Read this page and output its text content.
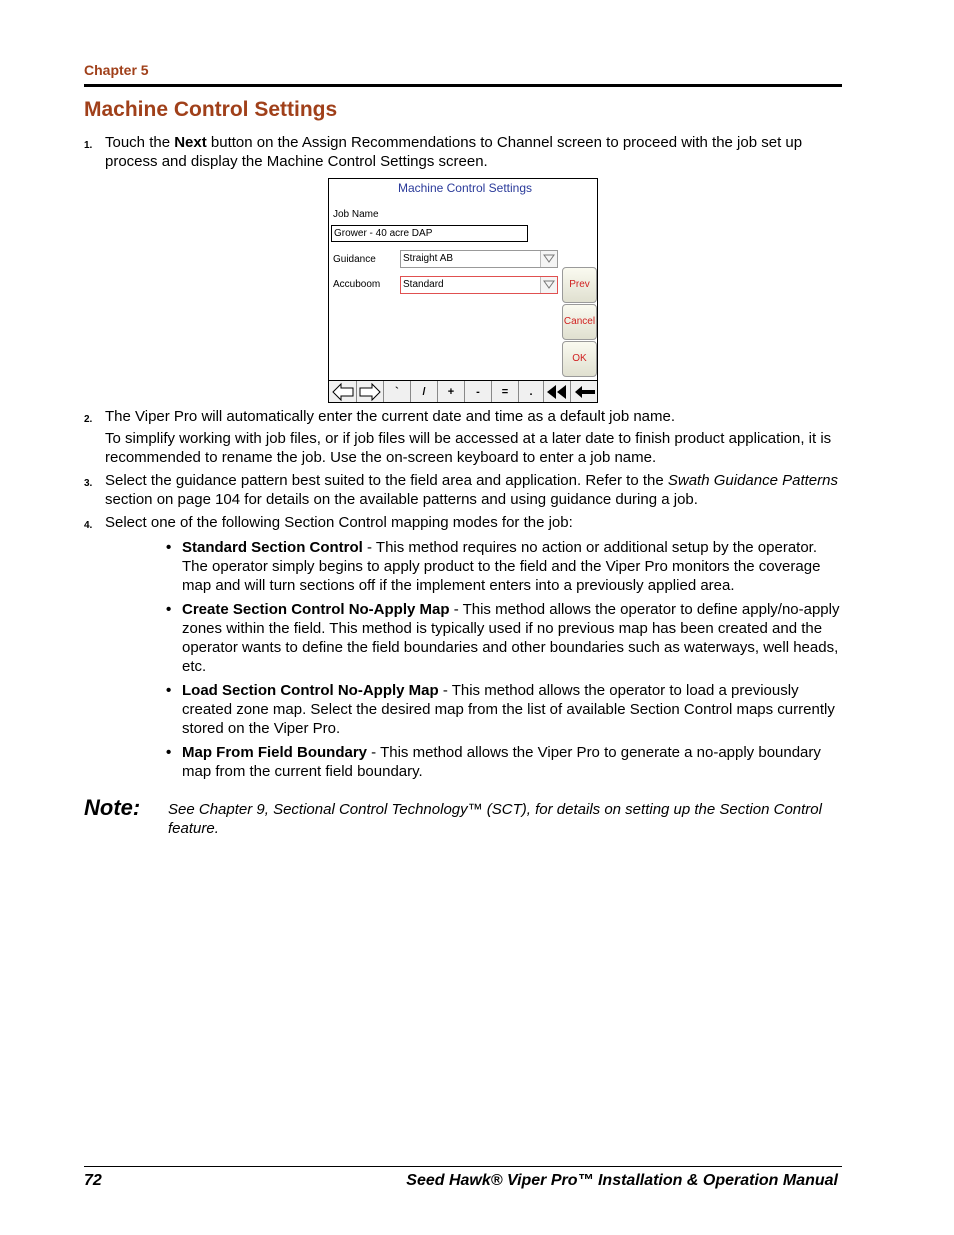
Chapter 5
Machine Control Settings
1. Touch the Next button on the Assign Recommendations to Channel screen to proceed with the job set up process and display the Machine Control Settings screen.
Machine Control Settings
Job Name
Grower - 40 acre DAP
Guidance	Straight AB
Accuboom	Standard	Prev
Cancel
OK
`	/	+	-	=	.
2. The Viper Pro will automatically enter the current date and time as a default job name.
To simplify working with job files, or if job files will be accessed at a later date to finish product application, it is recommended to rename the job. Use the on-screen keyboard to enter a job name.
3. Select the guidance pattern best suited to the field area and application. Refer to the Swath Guidance Patterns section on page 104 for details on the available patterns and using guidance during a job.
4. Select one of the following Section Control mapping modes for the job:
• Standard Section Control - This method requires no action or additional setup by the operator. The operator simply begins to apply product to the field and the Viper Pro monitors the coverage map and will turn sections off if the implement enters into a previously applied area.
• Create Section Control No-Apply Map - This method allows the operator to define apply/no-apply zones within the field. This method is typically used if no previous map has been created and the operator wants to define the field boundaries and other boundaries such as waterways, well heads, etc.
• Load Section Control No-Apply Map - This method allows the operator to load a previously created zone map. Select the desired map from the list of available Section Control maps currently stored on the Viper Pro.
• Map From Field Boundary - This method allows the Viper Pro to generate a no-apply boundary map from the current field boundary.
Note: See Chapter 9, Sectional Control Technology™ (SCT), for details on setting up the Section Control feature.
72	Seed Hawk® Viper Pro™ Installation & Operation Manual
